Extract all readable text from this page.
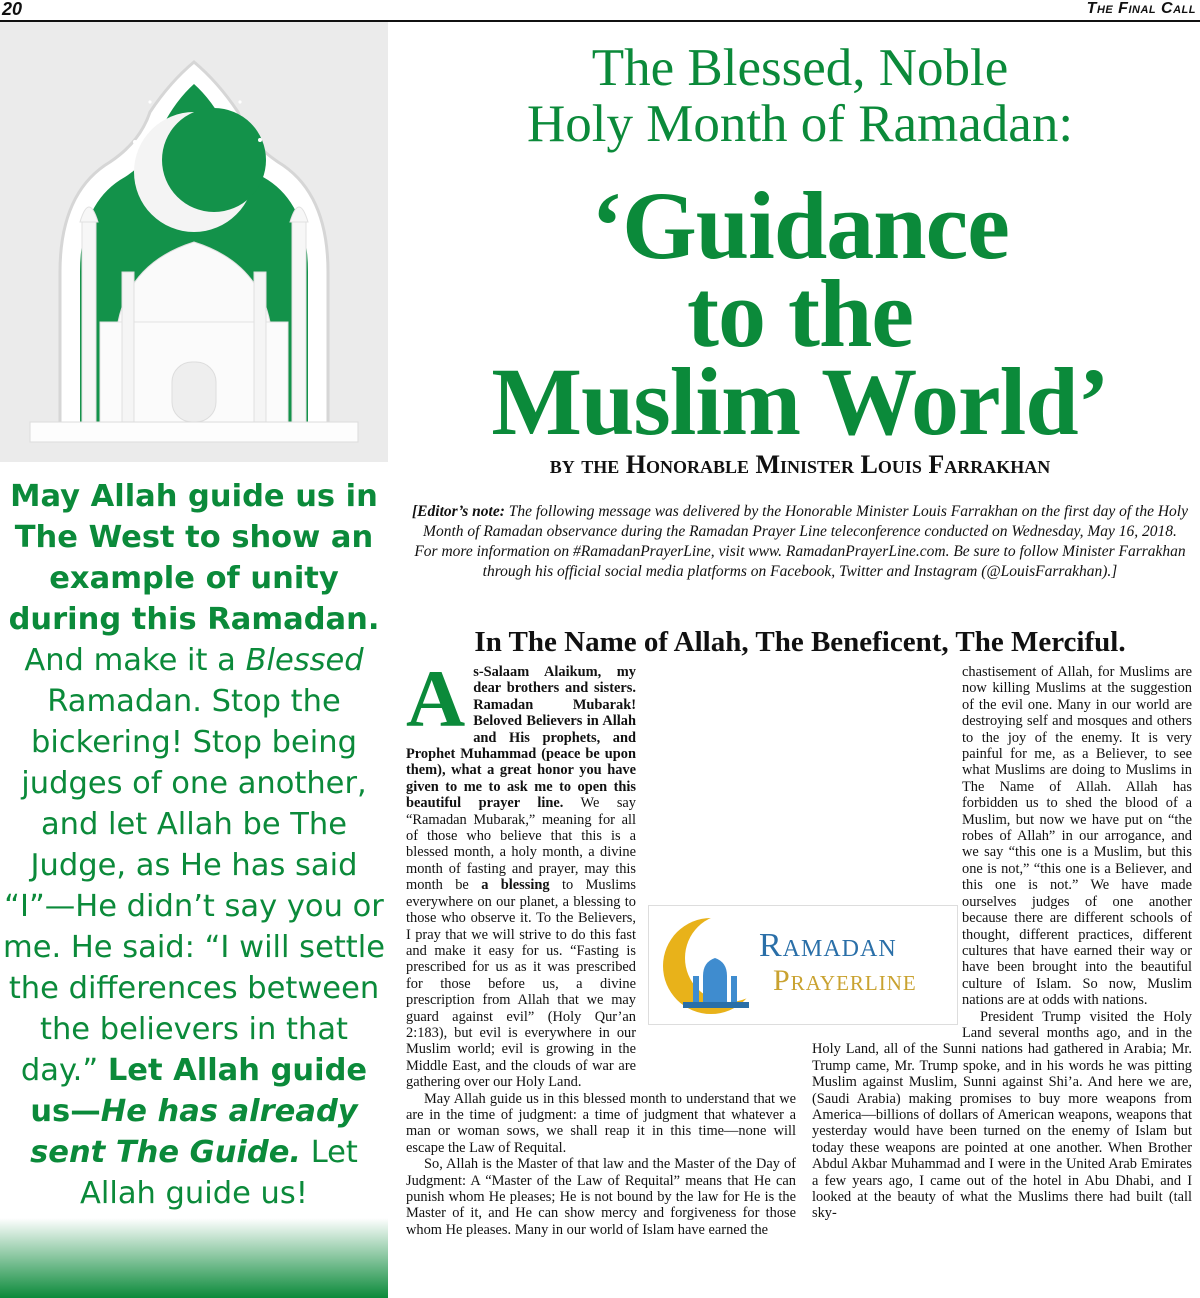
20	The Final Call
May Allah guide us in The West to show an example of unity during this Ramadan. And make it a Blessed Ramadan. Stop the bickering! Stop being judges of one another, and let Allah be The Judge, as He has said “I”—He didn’t say you or me. He said: “I will settle the differences between the believers in that day.” Let Allah guide us—He has already sent The Guide. Let Allah guide us!
The Blessed, Noble
Holy Month of Ramadan:
‘Guidance
to the
Muslim World’
by the Honorable Minister Louis Farrakhan
[Editor’s note: The following message was delivered by the Honorable Minister Louis Farrakhan on the first day of the Holy Month of Ramadan observance during the Ramadan Prayer Line teleconference conducted on Wednesday, May 16, 2018. For more information on #RamadanPrayerLine, visit www. RamadanPrayerLine.com. Be sure to follow Minister Farrakhan through his official social media platforms on Facebook, Twitter and Instagram (@LouisFarrakhan).]
In The Name of Allah, The Beneficent, The Merciful.

As-Salaam Alaikum, my dear brothers and sisters. Ramadan Mubarak! Beloved Believers in Allah and His prophets, and Prophet Muhammad (peace be upon them), what a great honor you have given to me to ask me to open this beautiful prayer line. We say “Ramadan Mubarak,” meaning for all of those who believe that this is a blessed month, a holy month, a divine month of fasting and prayer, may this month be a blessing to Muslims everywhere on our planet, a blessing to those who observe it. To the Believers, I pray that we will strive to do this fast and make it easy for us. “Fasting is prescribed for us as it was prescribed for those before us, a divine prescription from Allah that we may guard against evil” (Holy Qur’an 2:183), but evil is everywhere in our Muslim world; evil is growing in the Middle East, and the clouds of war are gathering over our Holy Land.

May Allah guide us in this blessed month to understand that we are in the time of judgment: a time of judgment that whatever a man or woman sows, we shall reap it in this time—none will escape the Law of Requital.

So, Allah is the Master of that law and the Master of the Day of Judgment: A “Master of the Law of Requital” means that He can punish whom He pleases; He is not bound by the law for He is the Master of it, and He can show mercy and forgiveness for those whom He pleases. Many in our world of Islam have earned the

chastisement of Allah, for Muslims are now killing Muslims at the suggestion of the evil one. Many in our world are destroying self and mosques and others to the joy of the enemy. It is very painful for me, as a Believer, to see what Muslims are doing to Muslims in The Name of Allah. Allah has forbidden us to shed the blood of a Muslim, but now we have put on “the robes of Allah” in our arrogance, and we say “this one is a Muslim, but this one is not,” “this one is a Believer, and this one is not.” We have made ourselves judges of one another because there are different schools of thought, different practices, different cultures that have earned their way or have been brought into the beautiful culture of Islam. So now, Muslim nations are at odds with nations.

President Trump visited the Holy Land several months ago, and in the Holy Land, all of the Sunni nations had gathered in Arabia; Mr. Trump came, Mr. Trump spoke, and in his words he was pitting Muslim against Muslim, Sunni against Shi’a. And here we are, (Saudi Arabia) making promises to buy more weapons from America—billions of dollars of American weapons, weapons that yesterday would have been turned on the enemy of Islam but today these weapons are pointed at one another. When Brother Abdul Akbar Muhammad and I were in the United Arab Emirates a few years ago, I came out of the hotel in Abu Dhabi, and I looked at the beauty of what the Muslims there had built (tall sky-

Ramadan
Prayerline
